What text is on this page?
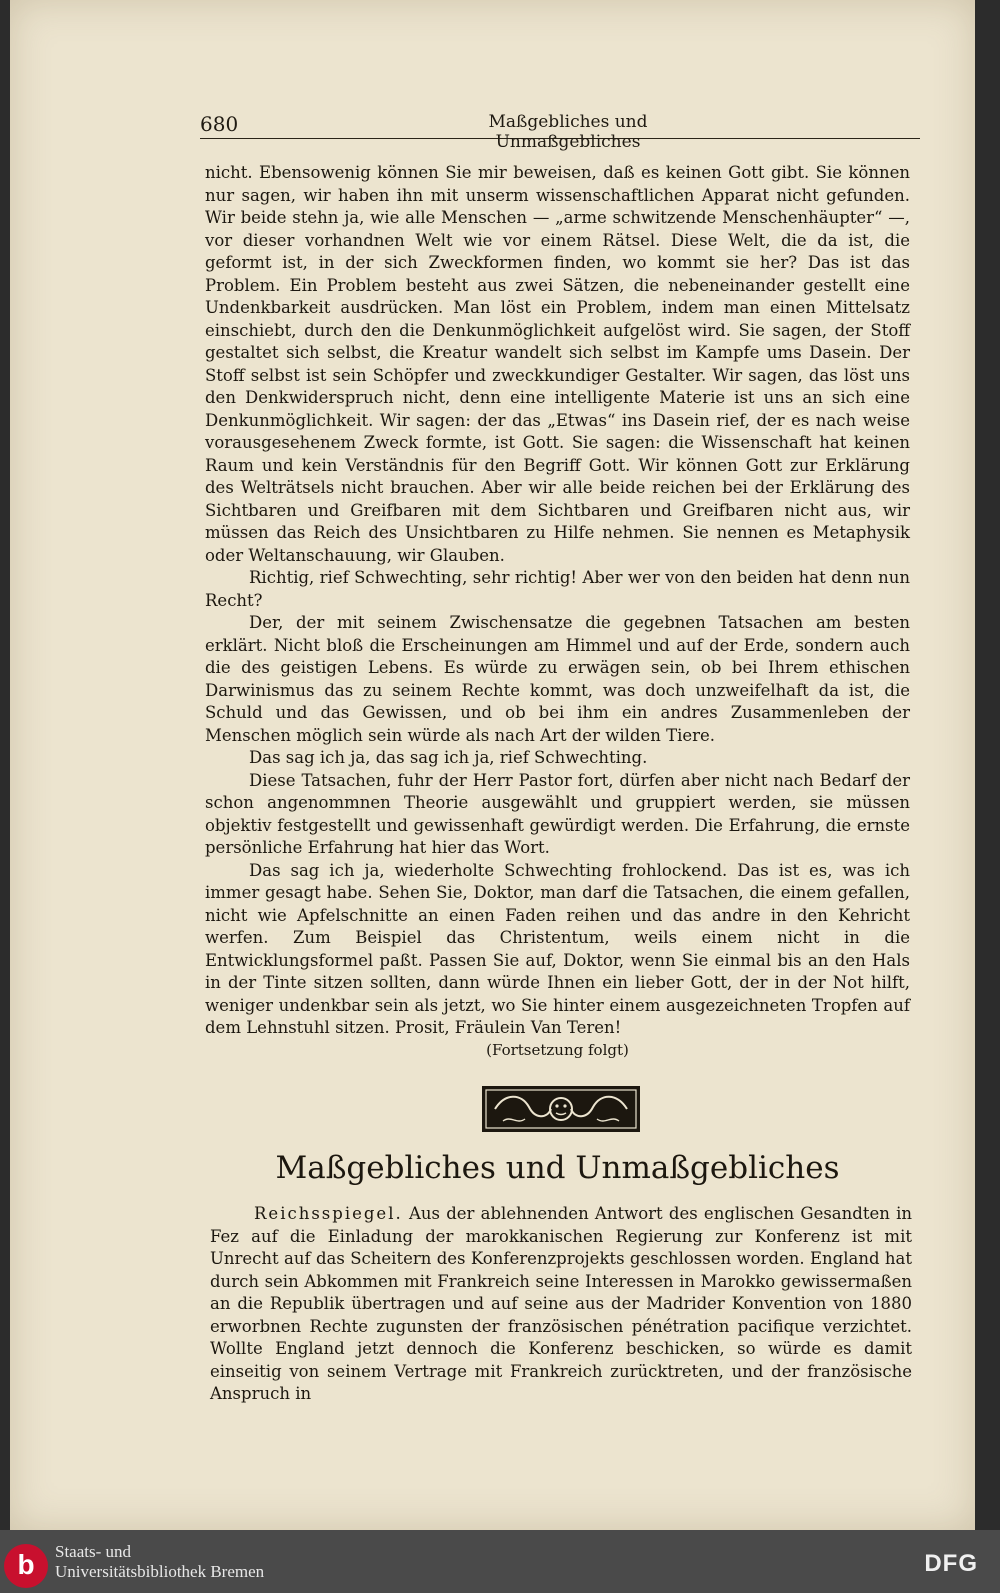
680	Maßgebliches und Unmaßgebliches

nicht. Ebensowenig können Sie mir beweisen, daß es keinen Gott gibt. Sie können nur sagen, wir haben ihn mit unserm wissenschaftlichen Apparat nicht gefunden. Wir beide stehn ja, wie alle Menschen — „arme schwitzende Menschenhäupter“ —, vor dieser vorhandnen Welt wie vor einem Rätsel. Diese Welt, die da ist, die geformt ist, in der sich Zweckformen finden, wo kommt sie her? Das ist das Problem. Ein Problem besteht aus zwei Sätzen, die nebeneinander gestellt eine Undenkbarkeit ausdrücken. Man löst ein Problem, indem man einen Mittelsatz einschiebt, durch den die Denkunmöglichkeit aufgelöst wird. Sie sagen, der Stoff gestaltet sich selbst, die Kreatur wandelt sich selbst im Kampfe ums Dasein. Der Stoff selbst ist sein Schöpfer und zweckkundiger Gestalter. Wir sagen, das löst uns den Denkwiderspruch nicht, denn eine intelligente Materie ist uns an sich eine Denkunmöglichkeit. Wir sagen: der das „Etwas“ ins Dasein rief, der es nach weise vorausgesehenem Zweck formte, ist Gott. Sie sagen: die Wissenschaft hat keinen Raum und kein Verständnis für den Begriff Gott. Wir können Gott zur Erklärung des Welträtsels nicht brauchen. Aber wir alle beide reichen bei der Erklärung des Sichtbaren und Greifbaren mit dem Sichtbaren und Greifbaren nicht aus, wir müssen das Reich des Unsichtbaren zu Hilfe nehmen. Sie nennen es Metaphysik oder Weltanschauung, wir Glauben.

Richtig, rief Schwechting, sehr richtig! Aber wer von den beiden hat denn nun Recht?

Der, der mit seinem Zwischensatze die gegebnen Tatsachen am besten erklärt. Nicht bloß die Erscheinungen am Himmel und auf der Erde, sondern auch die des geistigen Lebens. Es würde zu erwägen sein, ob bei Ihrem ethischen Darwinismus das zu seinem Rechte kommt, was doch unzweifelhaft da ist, die Schuld und das Gewissen, und ob bei ihm ein andres Zusammenleben der Menschen möglich sein würde als nach Art der wilden Tiere.

Das sag ich ja, das sag ich ja, rief Schwechting.

Diese Tatsachen, fuhr der Herr Pastor fort, dürfen aber nicht nach Bedarf der schon angenommnen Theorie ausgewählt und gruppiert werden, sie müssen objektiv festgestellt und gewissenhaft gewürdigt werden. Die Erfahrung, die ernste persönliche Erfahrung hat hier das Wort.

Das sag ich ja, wiederholte Schwechting frohlockend. Das ist es, was ich immer gesagt habe. Sehen Sie, Doktor, man darf die Tatsachen, die einem gefallen, nicht wie Apfelschnitte an einen Faden reihen und das andre in den Kehricht werfen. Zum Beispiel das Christentum, weils einem nicht in die Entwicklungsformel paßt. Passen Sie auf, Doktor, wenn Sie einmal bis an den Hals in der Tinte sitzen sollten, dann würde Ihnen ein lieber Gott, der in der Not hilft, weniger undenkbar sein als jetzt, wo Sie hinter einem ausgezeichneten Tropfen auf dem Lehnstuhl sitzen. Prosit, Fräulein Van Teren!

(Fortsetzung folgt)
Maßgebliches und Unmaßgebliches

Reichsspiegel. Aus der ablehnenden Antwort des englischen Gesandten in Fez auf die Einladung der marokkanischen Regierung zur Konferenz ist mit Unrecht auf das Scheitern des Konferenzprojekts geschlossen worden. England hat durch sein Abkommen mit Frankreich seine Interessen in Marokko gewissermaßen an die Republik übertragen und auf seine aus der Madrider Konvention von 1880 erworbnen Rechte zugunsten der französischen pénétration pacifique verzichtet. Wollte England jetzt dennoch die Konferenz beschicken, so würde es damit einseitig von seinem Vertrage mit Frankreich zurücktreten, und der französische Anspruch in

b	Staats- und
Universitätsbibliothek Bremen	DFG
